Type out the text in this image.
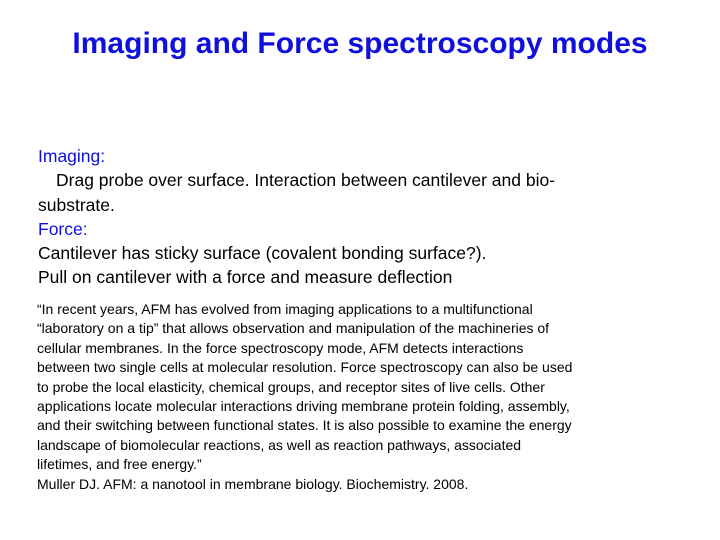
Imaging and Force spectroscopy modes
Imaging:
Drag probe over surface. Interaction between cantilever and bio-
substrate.
Force:
Cantilever has sticky surface (covalent bonding surface?).
Pull on cantilever with a force and measure deflection
“In recent years, AFM has evolved from imaging applications to a multifunctional
“laboratory on a tip” that allows observation and manipulation of the machineries of
cellular membranes. In the force spectroscopy mode, AFM detects interactions
between two single cells at molecular resolution. Force spectroscopy can also be used
to probe the local elasticity, chemical groups, and receptor sites of live cells. Other
applications locate molecular interactions driving membrane protein folding, assembly,
and their switching between functional states. It is also possible to examine the energy
landscape of biomolecular reactions, as well as reaction pathways, associated
lifetimes, and free energy.”
Muller DJ. AFM: a nanotool in membrane biology. Biochemistry. 2008.
